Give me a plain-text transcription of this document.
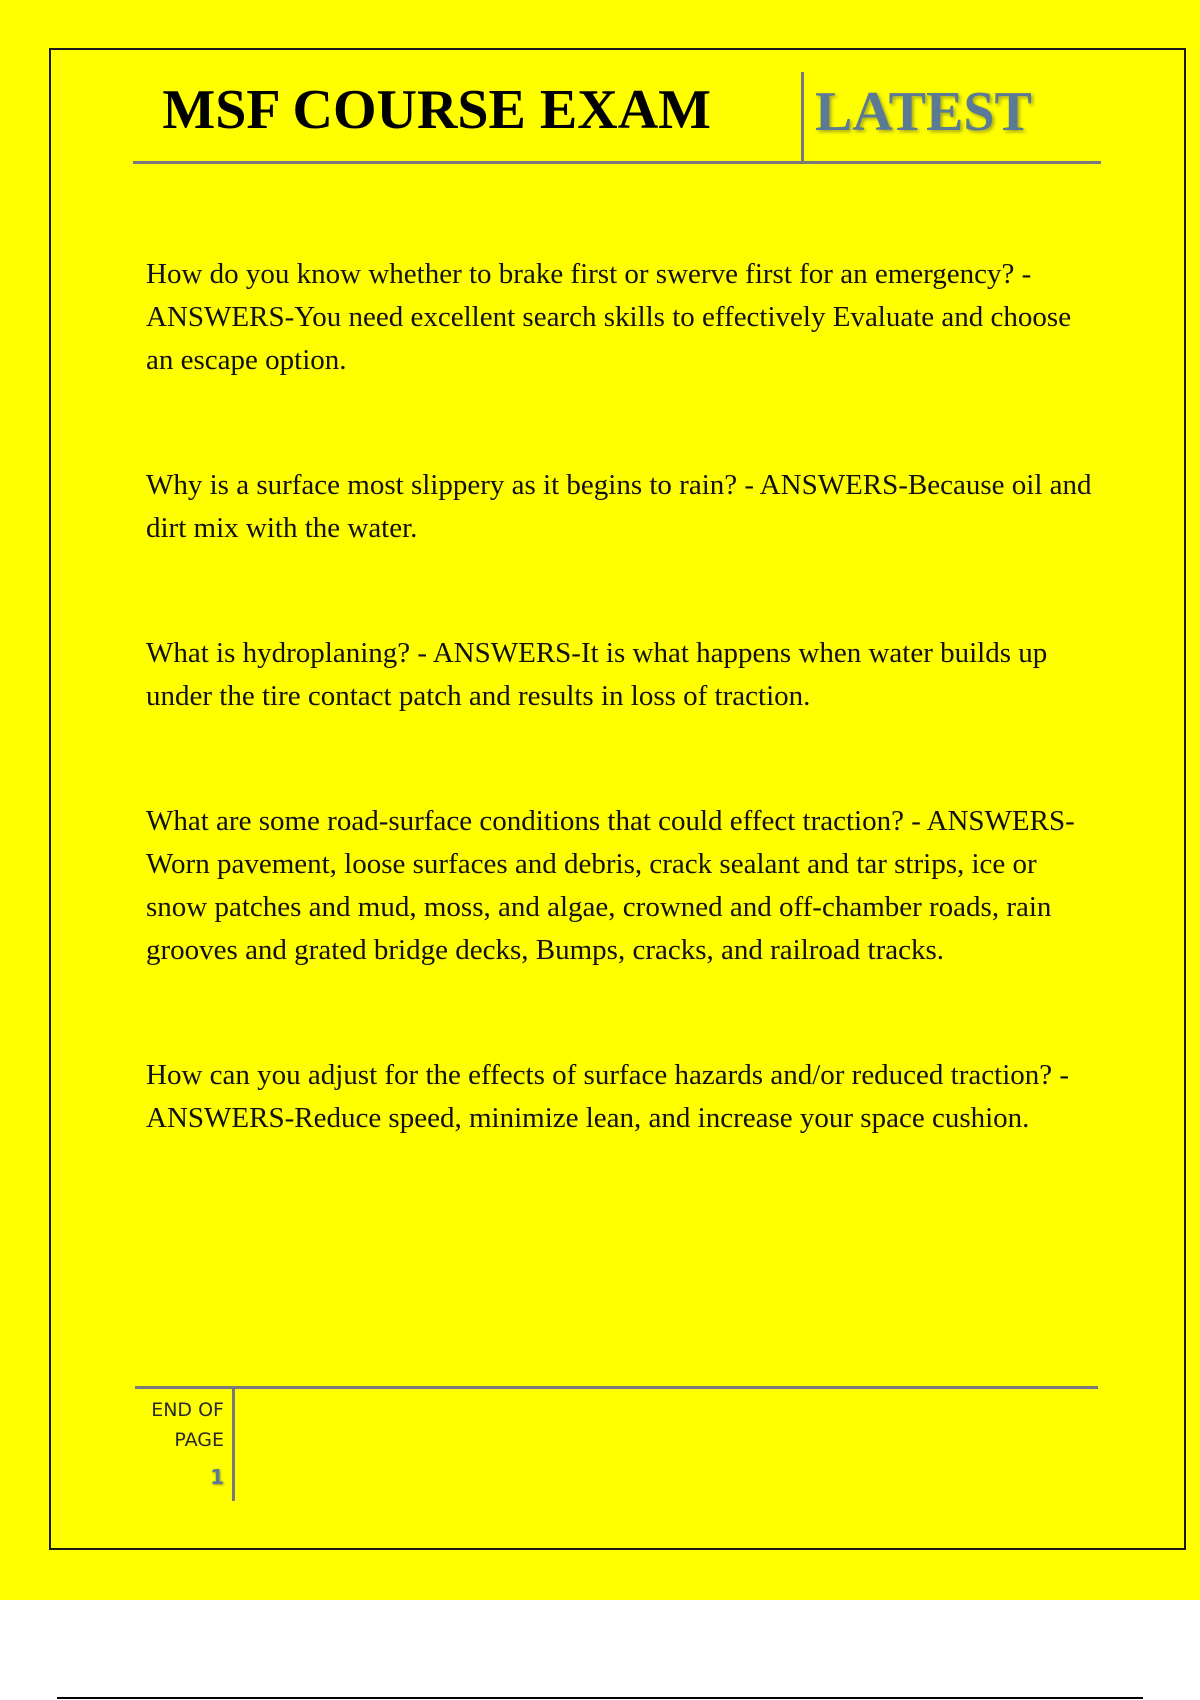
MSF COURSE EXAM LATEST

How do you know whether to brake first or swerve first for an emergency? - ANSWERS-You need excellent search skills to effectively Evaluate and choose an escape option.

Why is a surface most slippery as it begins to rain? - ANSWERS-Because oil and dirt mix with the water.

What is hydroplaning? - ANSWERS-It is what happens when water builds up under the tire contact patch and results in loss of traction.

What are some road-surface conditions that could effect traction? - ANSWERS-Worn pavement, loose surfaces and debris, crack sealant and tar strips, ice or snow patches and mud, moss, and algae, crowned and off-chamber roads, rain grooves and grated bridge decks, Bumps, cracks, and railroad tracks.

How can you adjust for the effects of surface hazards and/or reduced traction? - ANSWERS-Reduce speed, minimize lean, and increase your space cushion.

END OF
PAGE
1
